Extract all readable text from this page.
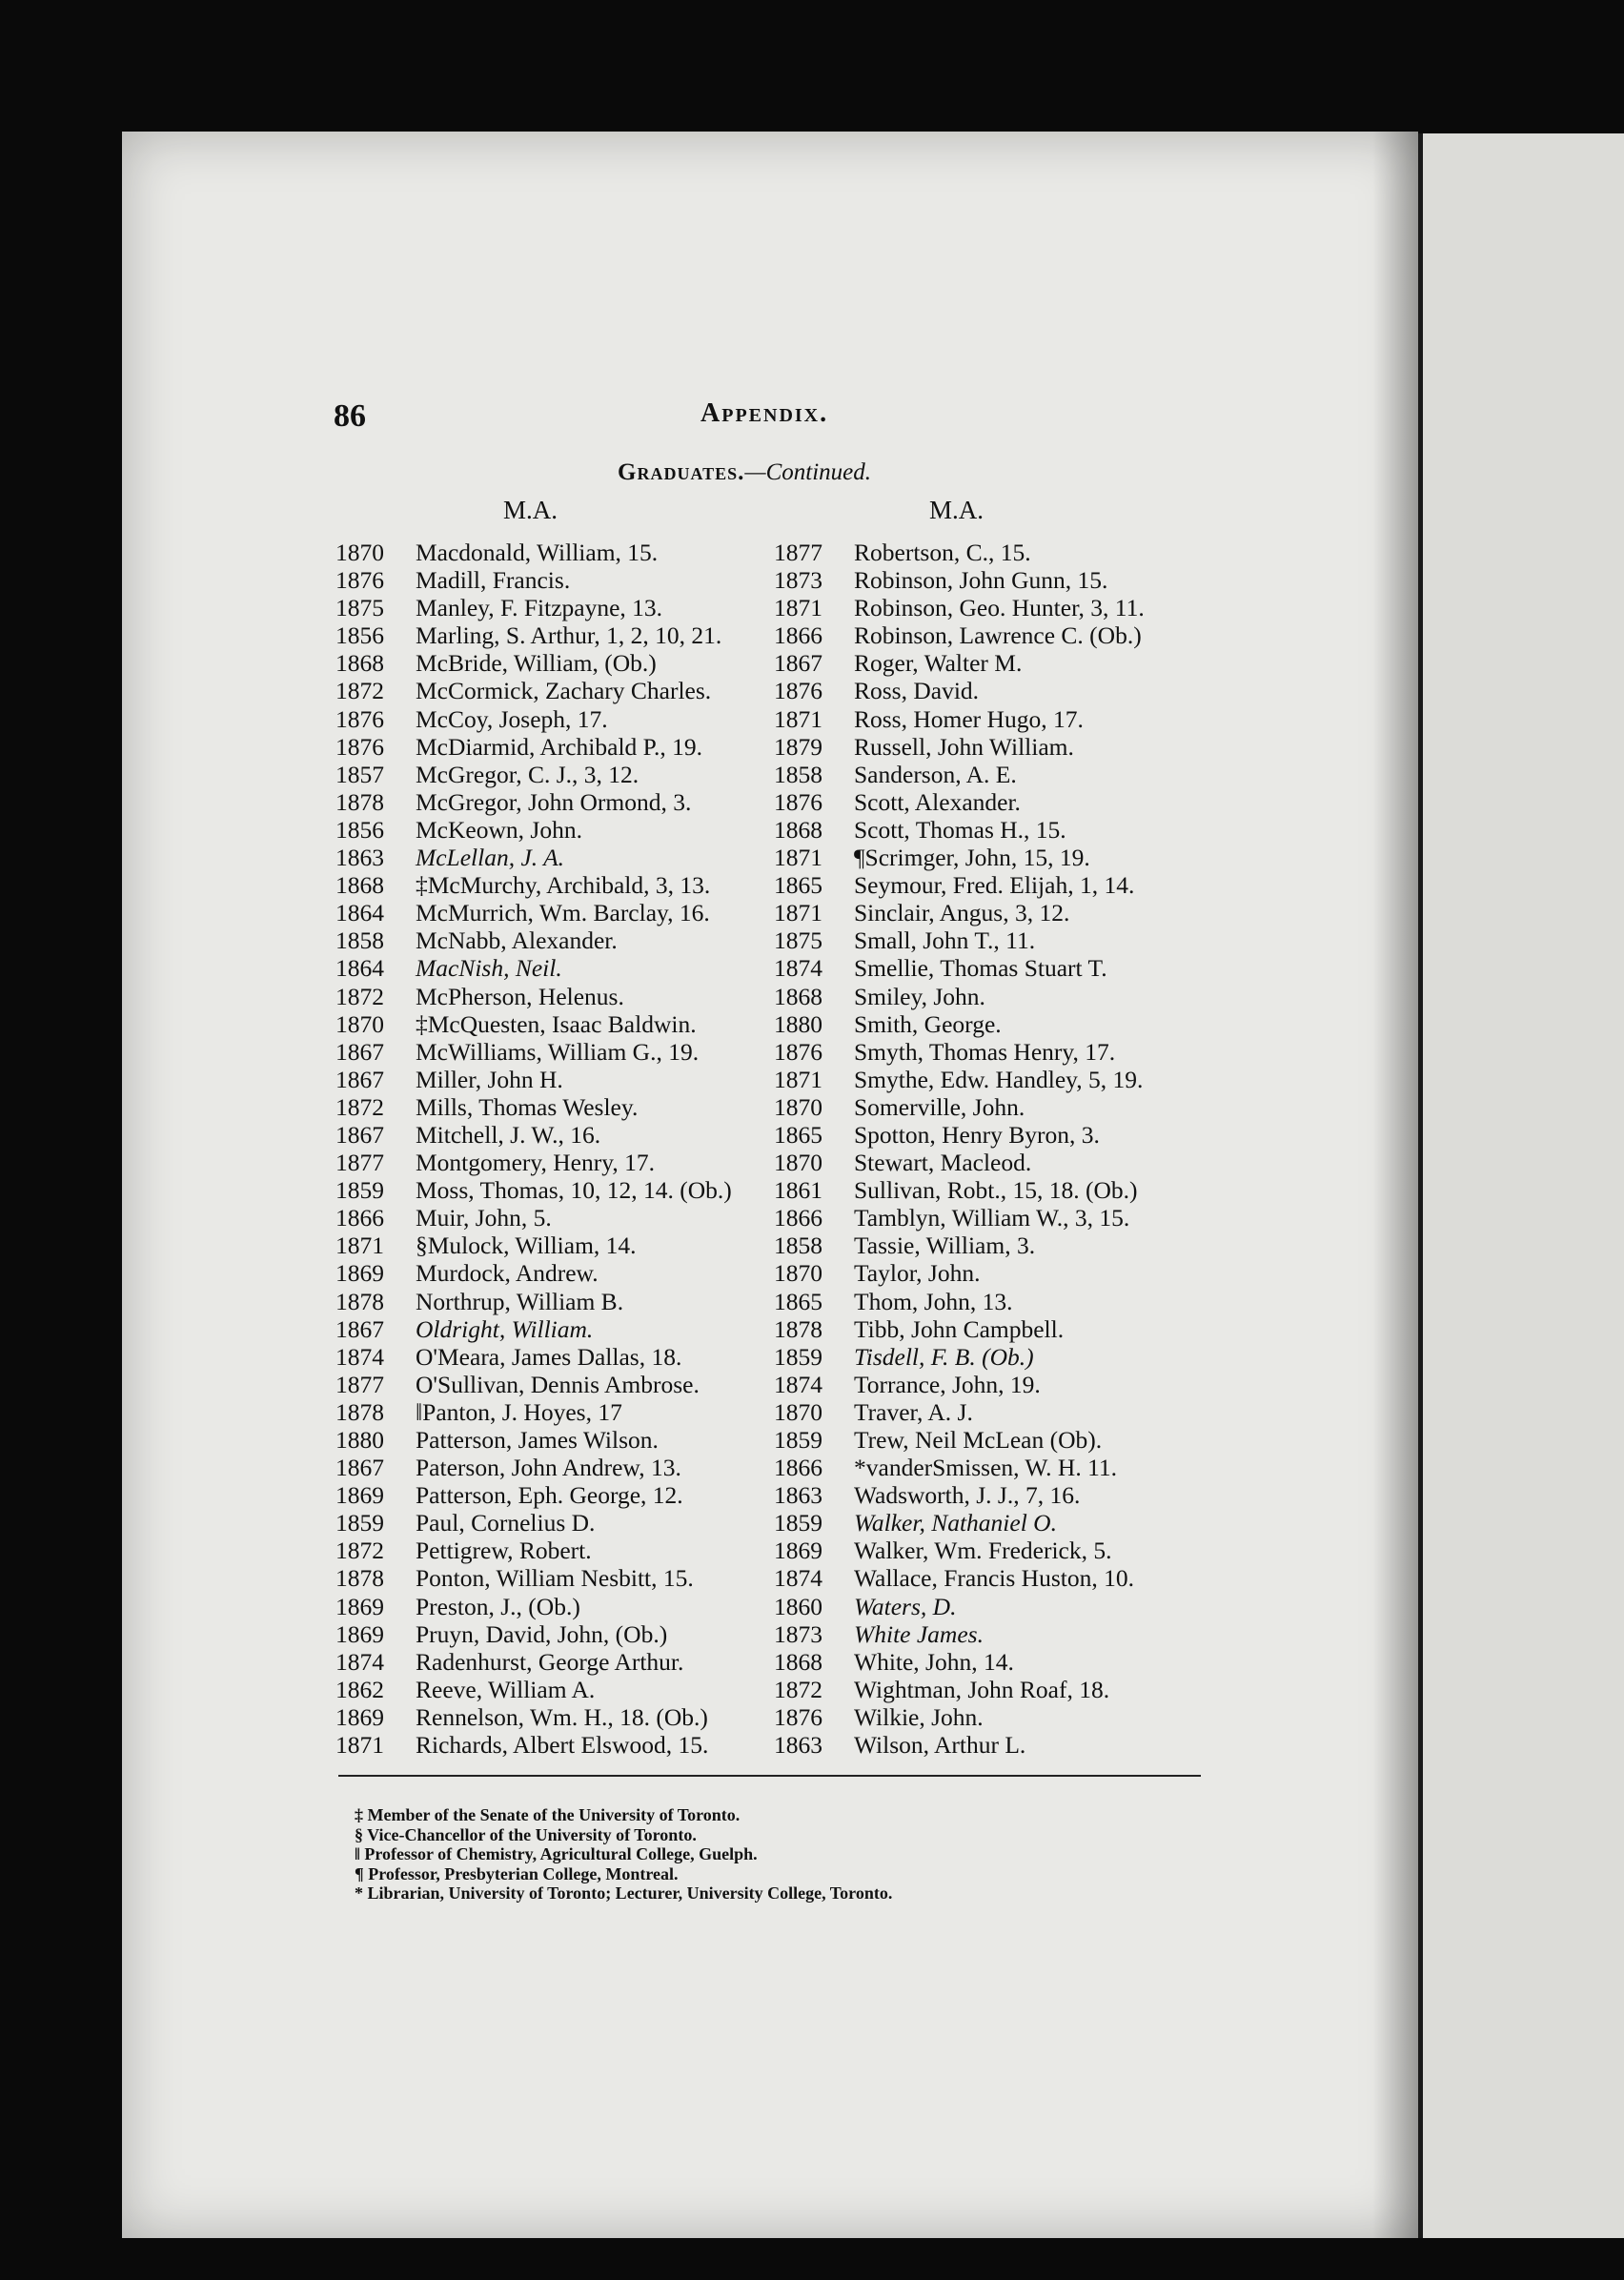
86	Appendix.
Graduates.—Continued.
M.A.	M.A.
1870	Macdonald, William, 15.
1876	Madill, Francis.
1875	Manley, F. Fitzpayne, 13.
1856	Marling, S. Arthur, 1, 2, 10, 21.
1868	McBride, William, (Ob.)
1872	McCormick, Zachary Charles.
1876	McCoy, Joseph, 17.
1876	McDiarmid, Archibald P., 19.
1857	McGregor, C. J., 3, 12.
1878	McGregor, John Ormond, 3.
1856	McKeown, John.
1863	McLellan, J. A.
1868	‡McMurchy, Archibald, 3, 13.
1864	McMurrich, Wm. Barclay, 16.
1858	McNabb, Alexander.
1864	MacNish, Neil.
1872	McPherson, Helenus.
1870	‡McQuesten, Isaac Baldwin.
1867	McWilliams, William G., 19.
1867	Miller, John H.
1872	Mills, Thomas Wesley.
1867	Mitchell, J. W., 16.
1877	Montgomery, Henry, 17.
1859	Moss, Thomas, 10, 12, 14. (Ob.)
1866	Muir, John, 5.
1871	§Mulock, William, 14.
1869	Murdock, Andrew.
1878	Northrup, William B.
1867	Oldright, William.
1874	O'Meara, James Dallas, 18.
1877	O'Sullivan, Dennis Ambrose.
1878	‖Panton, J. Hoyes, 17
1880	Patterson, James Wilson.
1867	Paterson, John Andrew, 13.
1869	Patterson, Eph. George, 12.
1859	Paul, Cornelius D.
1872	Pettigrew, Robert.
1878	Ponton, William Nesbitt, 15.
1869	Preston, J., (Ob.)
1869	Pruyn, David, John, (Ob.)
1874	Radenhurst, George Arthur.
1862	Reeve, William A.
1869	Rennelson, Wm. H., 18. (Ob.)
1871	Richards, Albert Elswood, 15.
1877	Robertson, C., 15.
1873	Robinson, John Gunn, 15.
1871	Robinson, Geo. Hunter, 3, 11.
1866	Robinson, Lawrence C. (Ob.)
1867	Roger, Walter M.
1876	Ross, David.
1871	Ross, Homer Hugo, 17.
1879	Russell, John William.
1858	Sanderson, A. E.
1876	Scott, Alexander.
1868	Scott, Thomas H., 15.
1871	¶Scrimger, John, 15, 19.
1865	Seymour, Fred. Elijah, 1, 14.
1871	Sinclair, Angus, 3, 12.
1875	Small, John T., 11.
1874	Smellie, Thomas Stuart T.
1868	Smiley, John.
1880	Smith, George.
1876	Smyth, Thomas Henry, 17.
1871	Smythe, Edw. Handley, 5, 19.
1870	Somerville, John.
1865	Spotton, Henry Byron, 3.
1870	Stewart, Macleod.
1861	Sullivan, Robt., 15, 18. (Ob.)
1866	Tamblyn, William W., 3, 15.
1858	Tassie, William, 3.
1870	Taylor, John.
1865	Thom, John, 13.
1878	Tibb, John Campbell.
1859	Tisdell, F. B. (Ob.)
1874	Torrance, John, 19.
1870	Traver, A. J.
1859	Trew, Neil McLean (Ob).
1866	*vanderSmissen, W. H. 11.
1863	Wadsworth, J. J., 7, 16.
1859	Walker, Nathaniel O.
1869	Walker, Wm. Frederick, 5.
1874	Wallace, Francis Huston, 10.
1860	Waters, D.
1873	White James.
1868	White, John, 14.
1872	Wightman, John Roaf, 18.
1876	Wilkie, John.
1863	Wilson, Arthur L.
‡ Member of the Senate of the University of Toronto.
§ Vice-Chancellor of the University of Toronto.
‖ Professor of Chemistry, Agricultural College, Guelph.
¶ Professor, Presbyterian College, Montreal.
* Librarian, University of Toronto; Lecturer, University College, Toronto.
